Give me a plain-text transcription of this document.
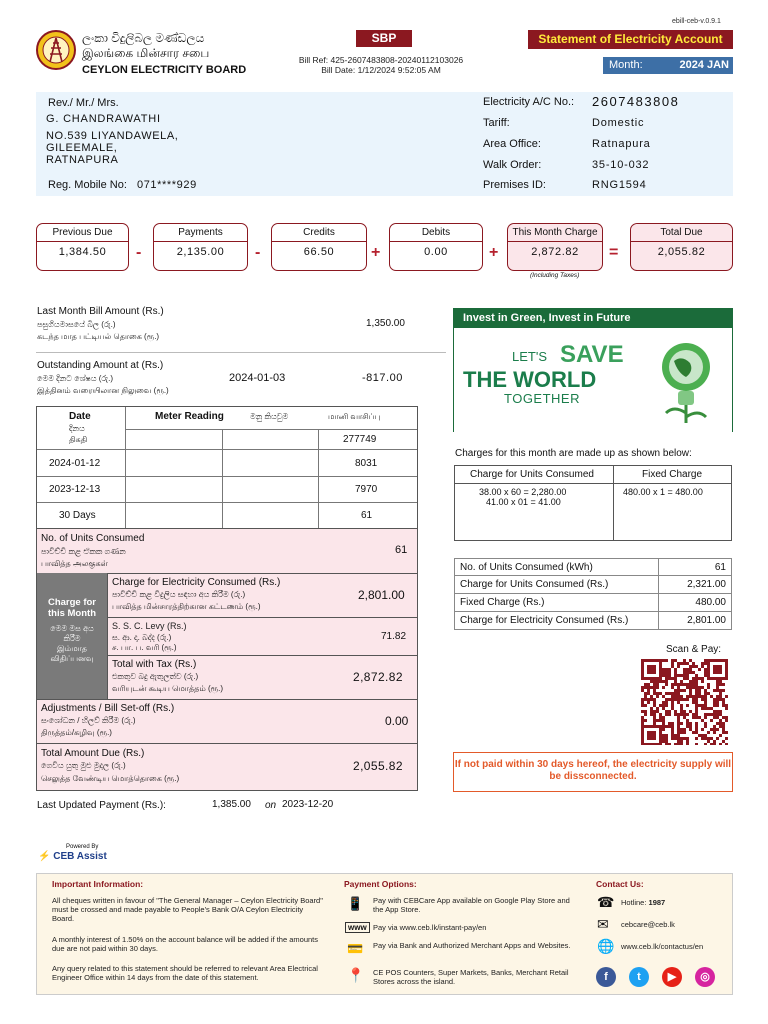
ලංකා විදුලිබල මණ්ඩලය
இலங்கை மின்சார சபை
CEYLON ELECTRICITY BOARD
SBP
Bill Ref: 425-2607483808-20240112103026
Bill Date: 1/12/2024 9:52:05 AM
ebill-ceb-v.0.9.1
Statement of Electricity Account
Month:	2024 JAN
Rev./ Mr./ Mrs.
G. CHANDRAWATHI
NO.539 LIYANDAWELA,
GILEEMALE,
RATNAPURA
Reg. Mobile No: 071****929
Electricity A/C No.: 2607483808
Tariff:	Domestic
Area Office:	Ratnapura
Walk Order:	35-10-032
Premises ID:	RNG1594
Previous Due
1,384.50	-
Payments
2,135.00	-
Credits
66.50	+
Debits
0.00	+
This Month Charge
2,872.82	=
Total Due
2,055.82
(Including Taxes)
Last Month Bill Amount (Rs.)
පසුගියමාසයේ බිල (රු.)
கடந்த மாத பட்டியல் தொகை (ரூ.)
1,350.00
Outstanding Amount at (Rs.)
මෙම දිනට ශේෂය (රු.)
இத்தினம் வரையிலான நிலுவை (ரூ.)
2024-01-03	-817.00
Date
දිනය
திகதி
Meter Reading	මනු කියවුම	மானி வாசிப்பு
277749
2024-01-12	8031
2023-12-13	7970
30 Days	61
No. of Units Consumed
පාවිච්චි කළ ඒකක ගණන
பாவித்த அலகுகள்
61
Charge for
this Month
මෙම මස අය
කිරීම
இம்மாத
விதிப்பனவு
Charge for Electricity Consumed (Rs.)
පාවිච්චි කළ විදුලිය සඳහා අය කිරීම (රු.)
பாவித்த மின்சாரத்திற்கான கட்டணம் (ரூ.)
2,801.00
S. S. C. Levy (Rs.)
ස. ආ. දා. බද්ද (රු.)
ச. பா. ப. வரி (ரூ.)
71.82
Total with Tax (Rs.)
එකතුව බදු ඇතුලත්ව (රු.)
வரியுடன் கூடிய மொத்தம் (ரூ.)
2,872.82
Adjustments / Bill Set-off (Rs.)
සංශෝධන / හිලව් කිරීම (රු.)
திருத்தம்/கழிவு (ரூ.)
0.00
Total Amount Due (Rs.)
ගෙවිය යුතු මුළු මුදල (රු.)
செலுத்த வேண்டிய மொத்தொகை (ரூ.)
2,055.82
Last Updated Payment (Rs.):	1,385.00 on 2023-12-20
Invest in Green, Invest in Future
LET'S SAVE
THE WORLD
TOGETHER
Charges for this month are made up as shown below:
Charge for Units Consumed	Fixed Charge
38.00 x 60 = 2,280.00
41.00 x 01 = 41.00
480.00 x 1 = 480.00
No. of Units Consumed (kWh)	61
Charge for Units Consumed (Rs.)	2,321.00
Fixed Charge (Rs.)	480.00
Charge for Electricity Consumed (Rs.)	2,801.00
Scan & Pay:
If not paid within 30 days hereof, the electricity supply will be dissconnected.
Powered By
⚡ CEB Assist
Important Information:

All cheques written in favour of "The General Manager – Ceylon Electricity Board" must be crossed and made payable to People's Bank O/A Ceylon Electricity Board.

A monthly interest of 1.50% on the account balance will be added if the amounts due are not paid within 30 days.

Any query related to this statement should be referred to relevant Area Electrical Engineer Office within 14 days from the date of this statement.

Payment Options:
📱 Pay with CEBCare App available on Google Play Store and the App Store.

www Pay via www.ceb.lk/instant-pay/en

💳 Pay via Bank and Authorized Merchant Apps and Websites.

📍 CE POS Counters, Super Markets, Banks, Merchant Retail Stores across the island.

Contact Us:
☎ Hotline: 1987

✉ cebcare@ceb.lk

🌐 www.ceb.lk/contactus/en

f	t	▶	◎
